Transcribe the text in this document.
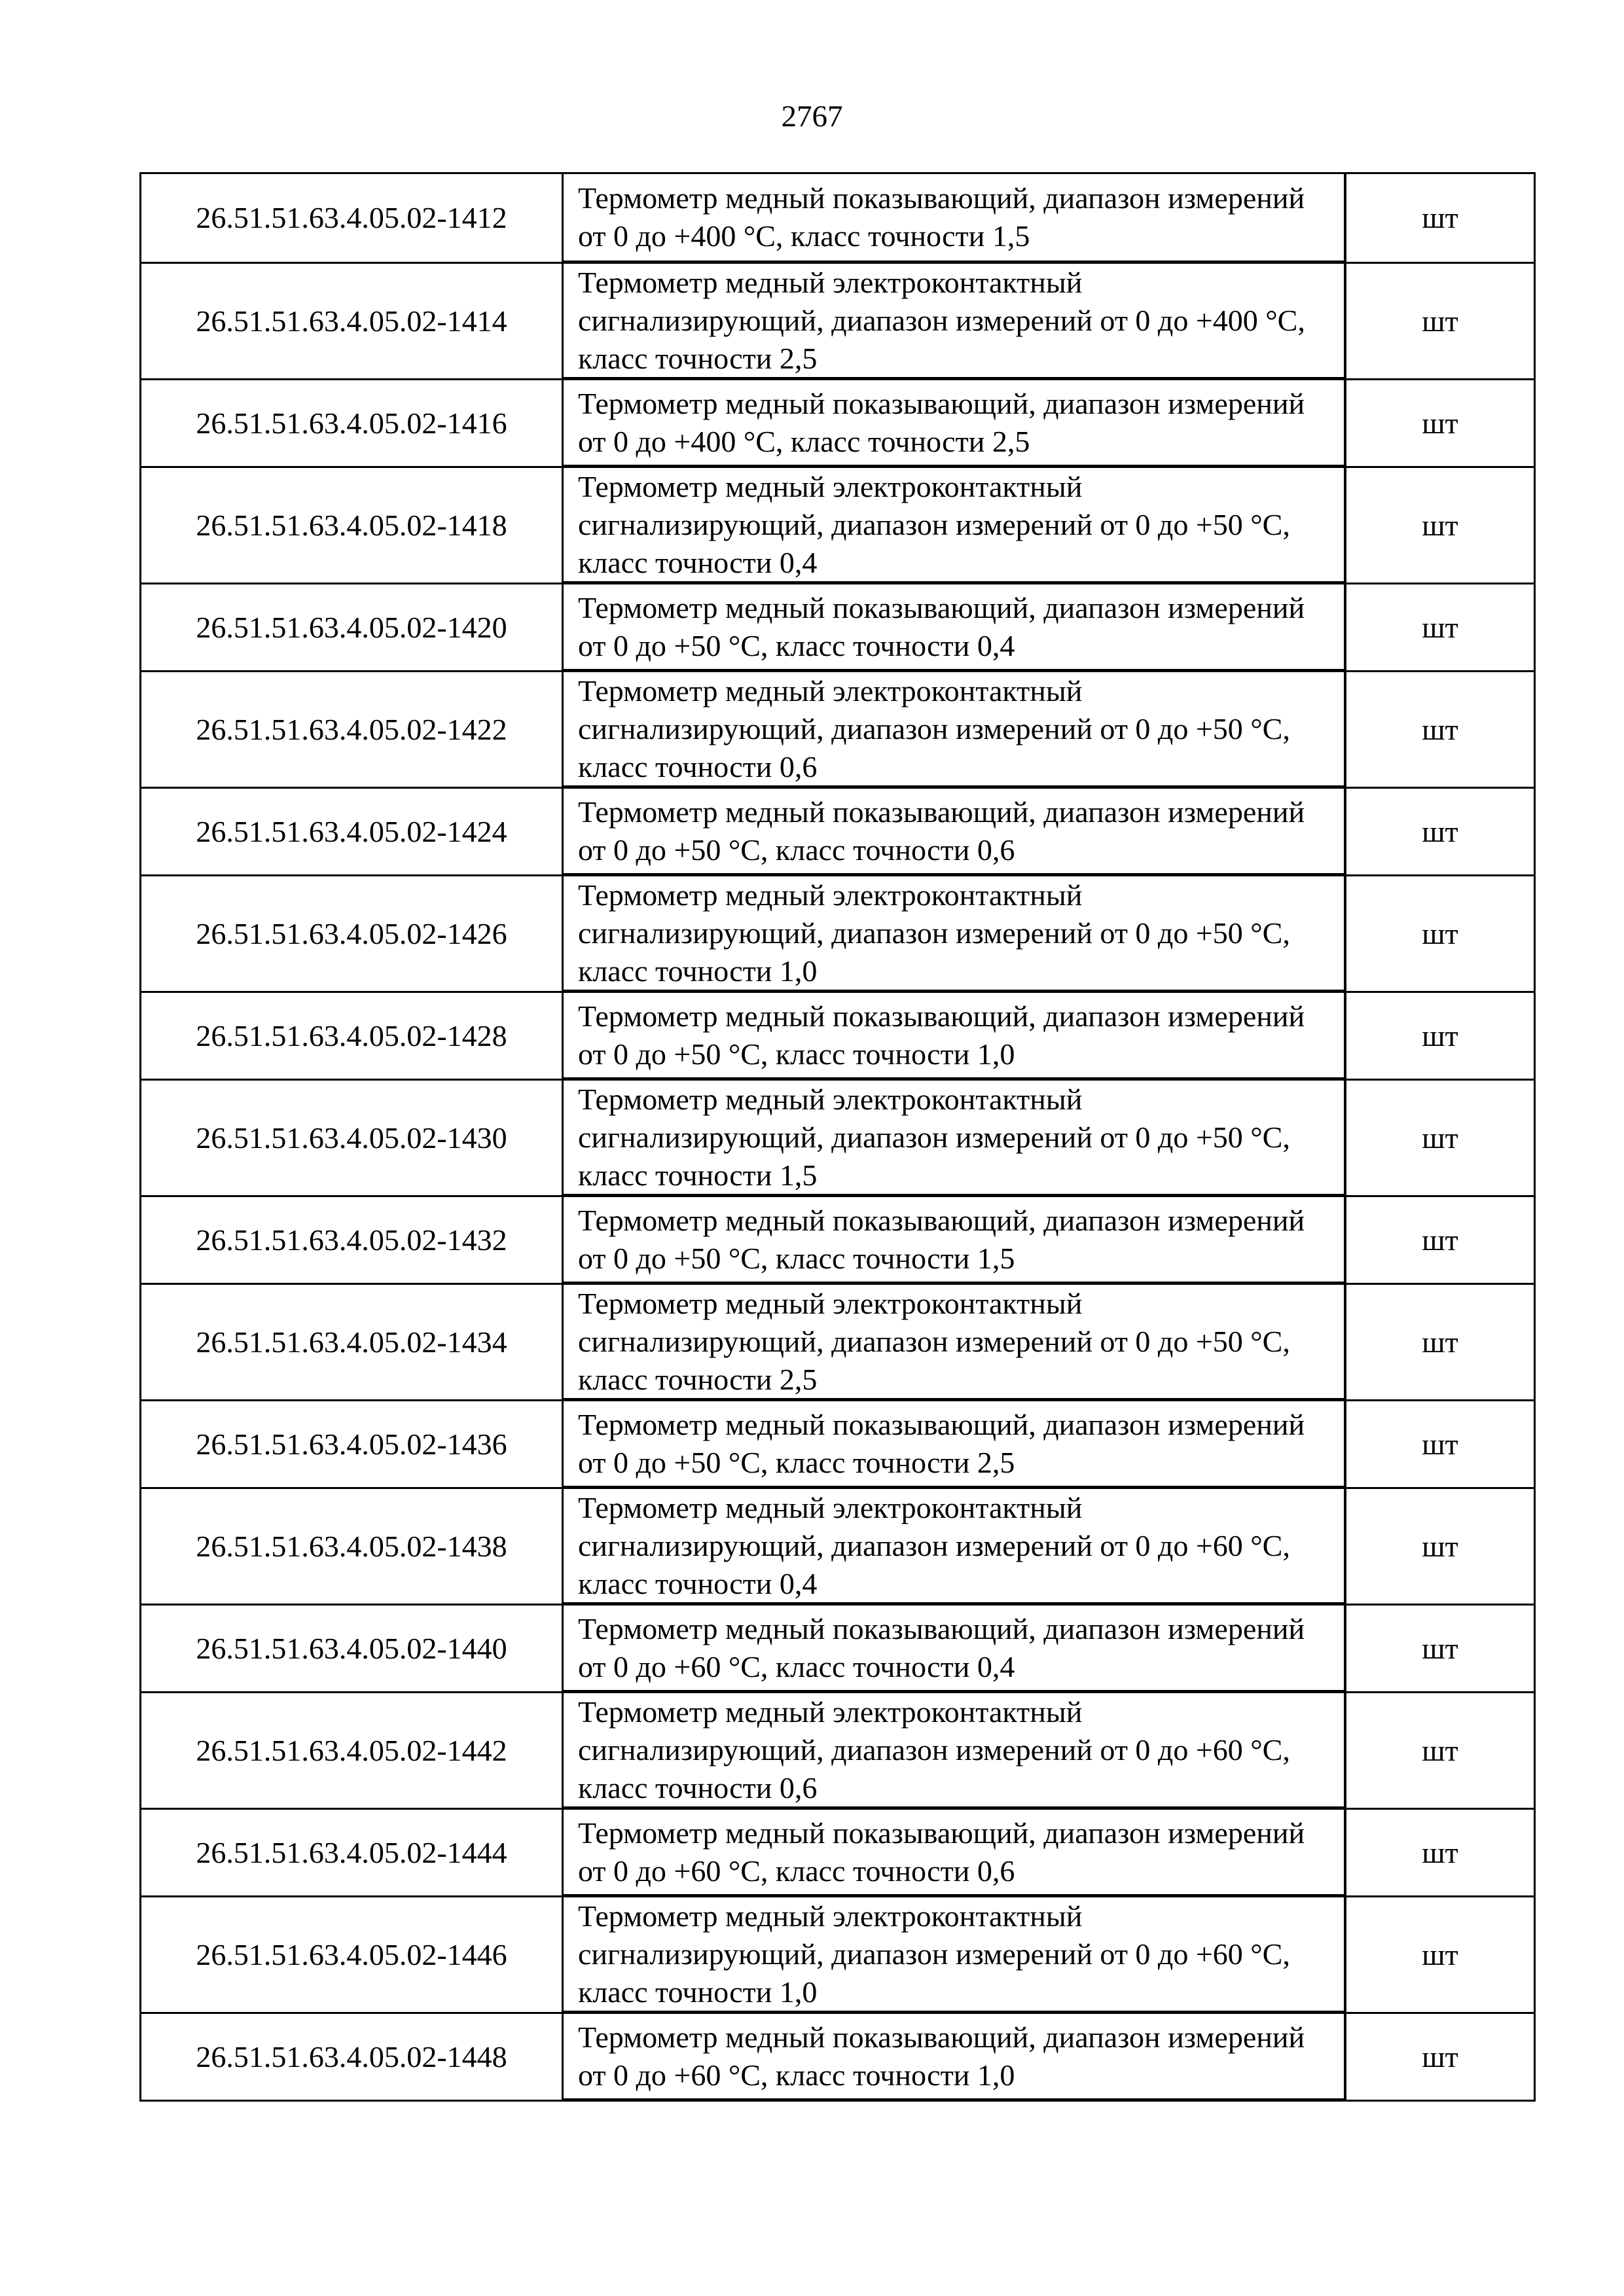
2767
26.51.51.63.4.05.02-1412
Термометр медный показывающий, диапазон измерений от 0 до +400 °С, класс точности 1,5
шт
26.51.51.63.4.05.02-1414
Термометр медный электроконтактный сигнализирующий, диапазон измерений от 0 до +400 °С, класс точности 2,5
шт
26.51.51.63.4.05.02-1416
Термометр медный показывающий, диапазон измерений от 0 до +400 °С, класс точности 2,5
шт
26.51.51.63.4.05.02-1418
Термометр медный электроконтактный сигнализирующий, диапазон измерений от 0 до +50 °С, класс точности 0,4
шт
26.51.51.63.4.05.02-1420
Термометр медный показывающий, диапазон измерений от 0 до +50 °С, класс точности 0,4
шт
26.51.51.63.4.05.02-1422
Термометр медный электроконтактный сигнализирующий, диапазон измерений от 0 до +50 °С, класс точности 0,6
шт
26.51.51.63.4.05.02-1424
Термометр медный показывающий, диапазон измерений от 0 до +50 °С, класс точности 0,6
шт
26.51.51.63.4.05.02-1426
Термометр медный электроконтактный сигнализирующий, диапазон измерений от 0 до +50 °С, класс точности 1,0
шт
26.51.51.63.4.05.02-1428
Термометр медный показывающий, диапазон измерений от 0 до +50 °С, класс точности 1,0
шт
26.51.51.63.4.05.02-1430
Термометр медный электроконтактный сигнализирующий, диапазон измерений от 0 до +50 °С, класс точности 1,5
шт
26.51.51.63.4.05.02-1432
Термометр медный показывающий, диапазон измерений от 0 до +50 °С, класс точности 1,5
шт
26.51.51.63.4.05.02-1434
Термометр медный электроконтактный сигнализирующий, диапазон измерений от 0 до +50 °С, класс точности 2,5
шт
26.51.51.63.4.05.02-1436
Термометр медный показывающий, диапазон измерений от 0 до +50 °С, класс точности 2,5
шт
26.51.51.63.4.05.02-1438
Термометр медный электроконтактный сигнализирующий, диапазон измерений от 0 до +60 °С, класс точности 0,4
шт
26.51.51.63.4.05.02-1440
Термометр медный показывающий, диапазон измерений от 0 до +60 °С, класс точности 0,4
шт
26.51.51.63.4.05.02-1442
Термометр медный электроконтактный сигнализирующий, диапазон измерений от 0 до +60 °С, класс точности 0,6
шт
26.51.51.63.4.05.02-1444
Термометр медный показывающий, диапазон измерений от 0 до +60 °С, класс точности 0,6
шт
26.51.51.63.4.05.02-1446
Термометр медный электроконтактный сигнализирующий, диапазон измерений от 0 до +60 °С, класс точности 1,0
шт
26.51.51.63.4.05.02-1448
Термометр медный показывающий, диапазон измерений от 0 до +60 °С, класс точности 1,0
шт
